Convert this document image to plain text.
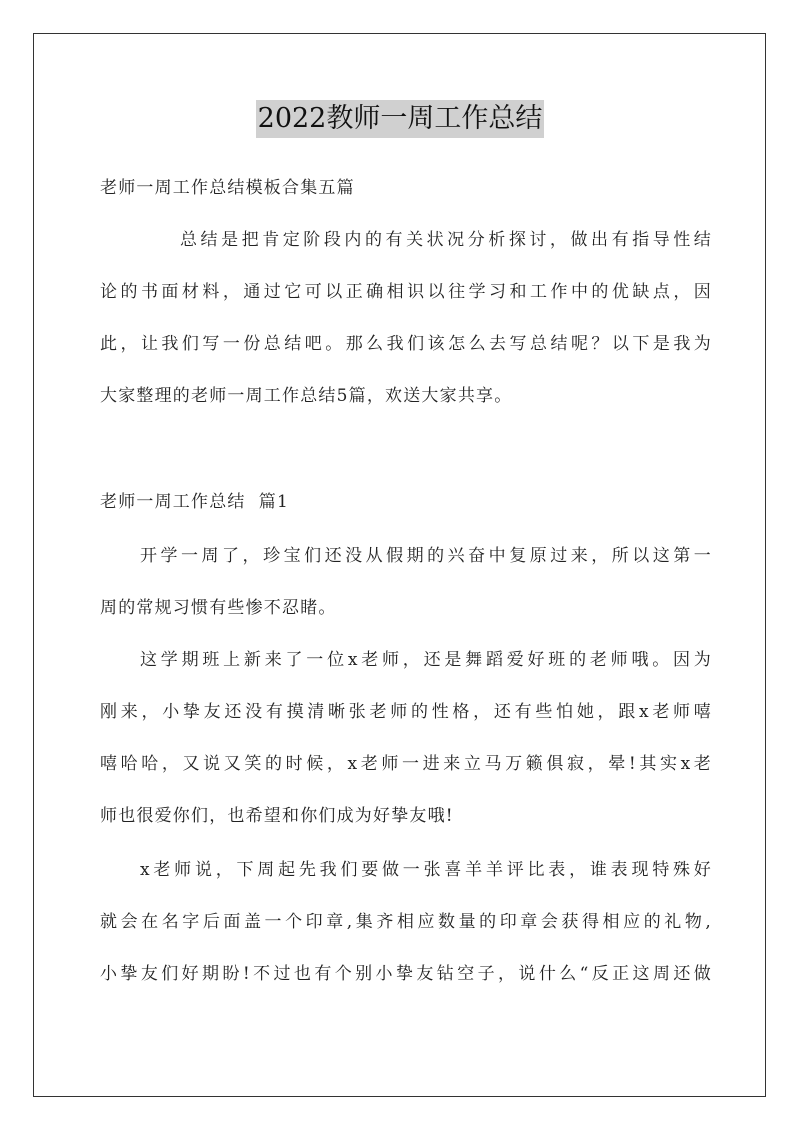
2022教师一周工作总结
老师一周工作总结模板合集五篇
总结是把肯定阶段内的有关状况分析探讨，做出有指导性结
论的书面材料，通过它可以正确相识以往学习和工作中的优缺点，因
此，让我们写一份总结吧。那么我们该怎么去写总结呢？以下是我为
大家整理的老师一周工作总结5篇，欢送大家共享。
老师一周工作总结  篇1
开学一周了，珍宝们还没从假期的兴奋中复原过来，所以这第一
周的常规习惯有些惨不忍睹。
这学期班上新来了一位x老师，还是舞蹈爱好班的老师哦。因为
刚来，小挚友还没有摸清晰张老师的性格，还有些怕她，跟x老师嘻
嘻哈哈，又说又笑的时候，x老师一进来立马万籁俱寂，晕!其实x老
师也很爱你们，也希望和你们成为好挚友哦!
x老师说，下周起先我们要做一张喜羊羊评比表，谁表现特殊好
就会在名字后面盖一个印章,集齐相应数量的印章会获得相应的礼物,
小挚友们好期盼!不过也有个别小挚友钻空子，说什么“反正这周还做
